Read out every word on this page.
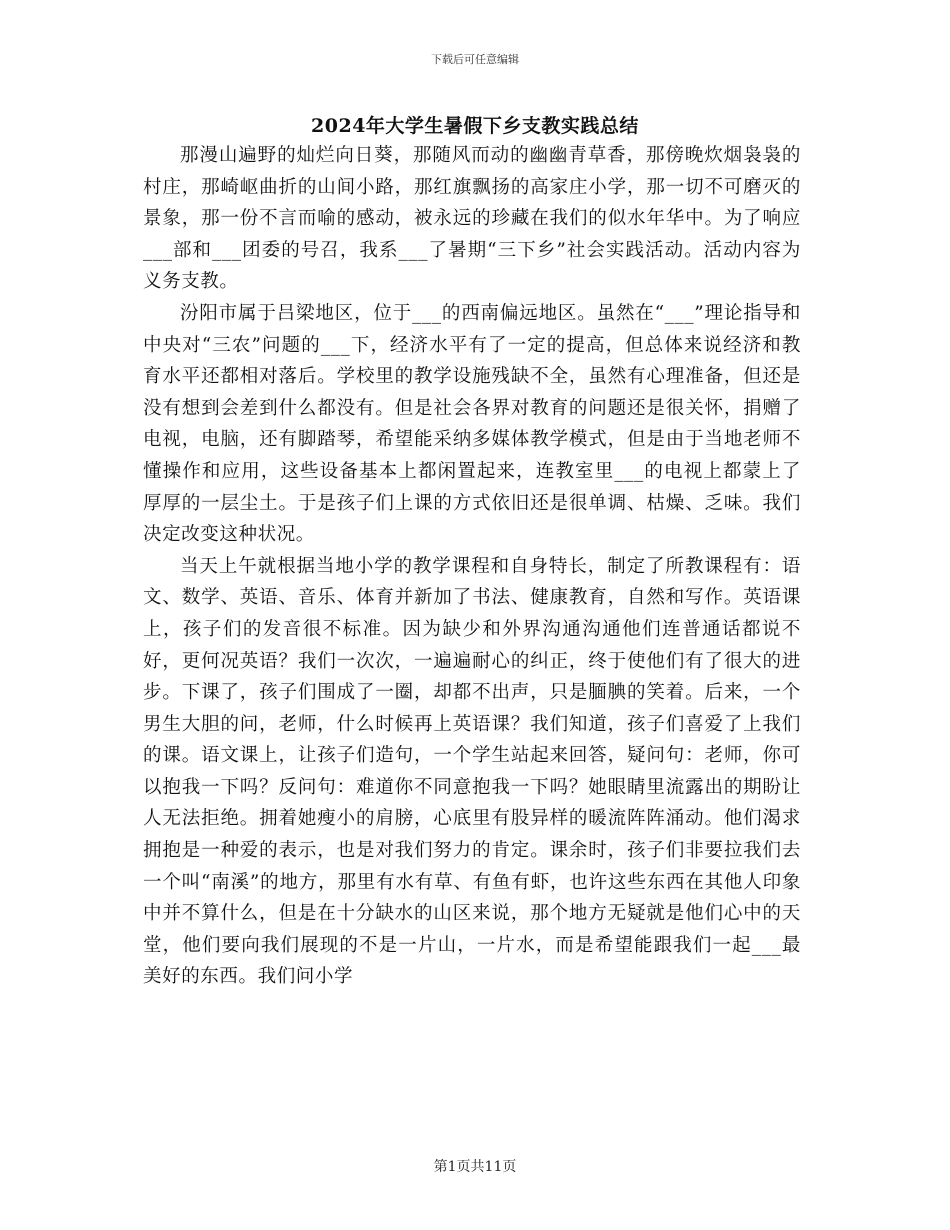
下载后可任意编辑
2024年大学生暑假下乡支教实践总结

那漫山遍野的灿烂向日葵，那随风而动的幽幽青草香，那傍晚炊烟袅袅的村庄，那崎岖曲折的山间小路，那红旗飘扬的高家庄小学，那一切不可磨灭的景象，那一份不言而喻的感动，被永远的珍藏在我们的似水年华中。为了响应___部和___团委的号召，我系___了暑期“三下乡”社会实践活动。活动内容为义务支教。

汾阳市属于吕梁地区，位于___的西南偏远地区。虽然在“___”理论指导和中央对“三农”问题的___下，经济水平有了一定的提高，但总体来说经济和教育水平还都相对落后。学校里的教学设施残缺不全，虽然有心理准备，但还是没有想到会差到什么都没有。但是社会各界对教育的问题还是很关怀，捐赠了电视，电脑，还有脚踏琴，希望能采纳多媒体教学模式，但是由于当地老师不懂操作和应用，这些设备基本上都闲置起来，连教室里___的电视上都蒙上了厚厚的一层尘土。于是孩子们上课的方式依旧还是很单调、枯燥、乏味。我们决定改变这种状况。

当天上午就根据当地小学的教学课程和自身特长，制定了所教课程有：语文、数学、英语、音乐、体育并新加了书法、健康教育，自然和写作。英语课上，孩子们的发音很不标准。因为缺少和外界沟通沟通他们连普通话都说不好，更何况英语？我们一次次，一遍遍耐心的纠正，终于使他们有了很大的进步。下课了，孩子们围成了一圈，却都不出声，只是腼腆的笑着。后来，一个男生大胆的问，老师，什么时候再上英语课？我们知道，孩子们喜爱了上我们的课。语文课上，让孩子们造句，一个学生站起来回答，疑问句：老师，你可以抱我一下吗？反问句：难道你不同意抱我一下吗？她眼睛里流露出的期盼让人无法拒绝。拥着她瘦小的肩膀，心底里有股异样的暖流阵阵涌动。他们渴求拥抱是一种爱的表示，也是对我们努力的肯定。课余时，孩子们非要拉我们去一个叫“南溪”的地方，那里有水有草、有鱼有虾，也许这些东西在其他人印象中并不算什么，但是在十分缺水的山区来说，那个地方无疑就是他们心中的天堂，他们要向我们展现的不是一片山，一片水，而是希望能跟我们一起___最美好的东西。我们问小学

第1页共11页
